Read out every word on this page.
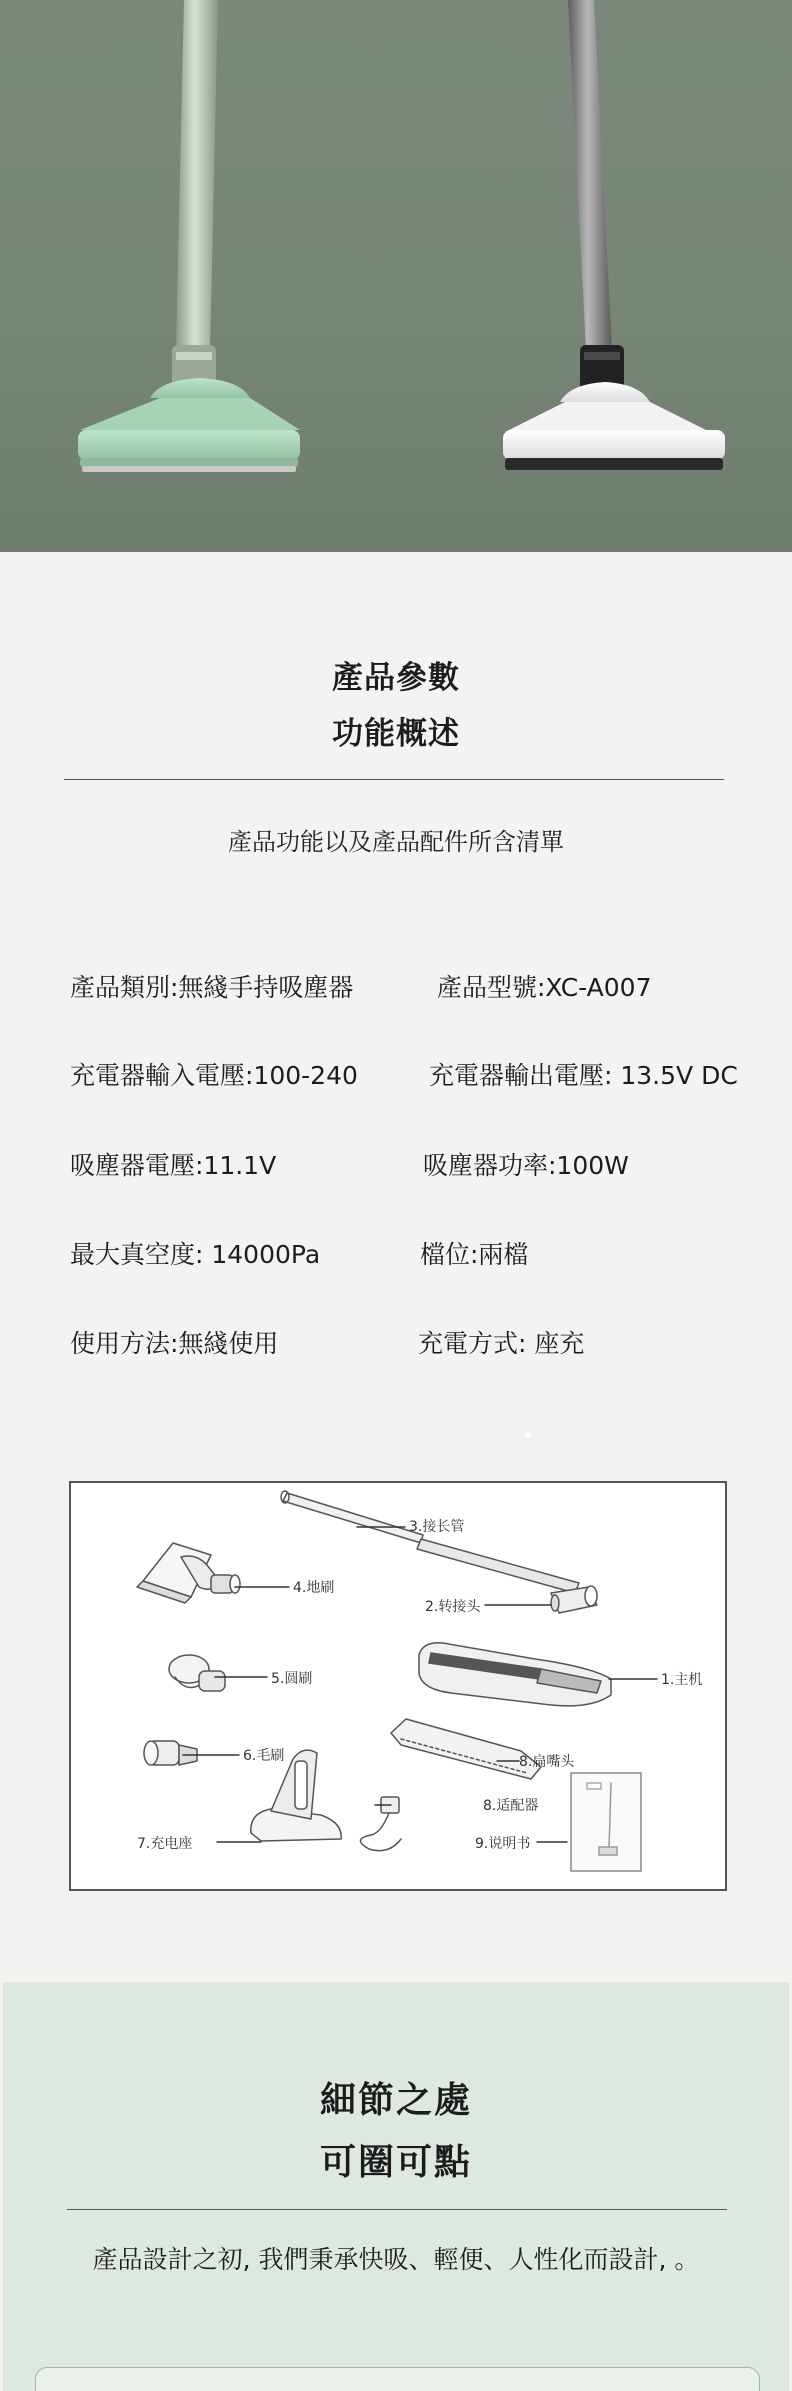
產品參數
功能概述
產品功能以及產品配件所含清單
產品類別:無綫手持吸塵器	產品型號:XC-A007
充電器輸入電壓:100-240	充電器輸出電壓: 13.5V DC
吸塵器電壓:11.1V	吸塵器功率:100W
最大真空度: 14000Pa	檔位:兩檔
使用方法:無綫使用	充電方式: 座充
3.接长管
4.地刷
2.转接头
5.圆刷	1.主机
6.毛刷	8.扁嘴头
8.适配器
7.充电座	9.说明书
細節之處
可圈可點
產品設計之初, 我們秉承快吸、輕便、人性化而設計, 。
